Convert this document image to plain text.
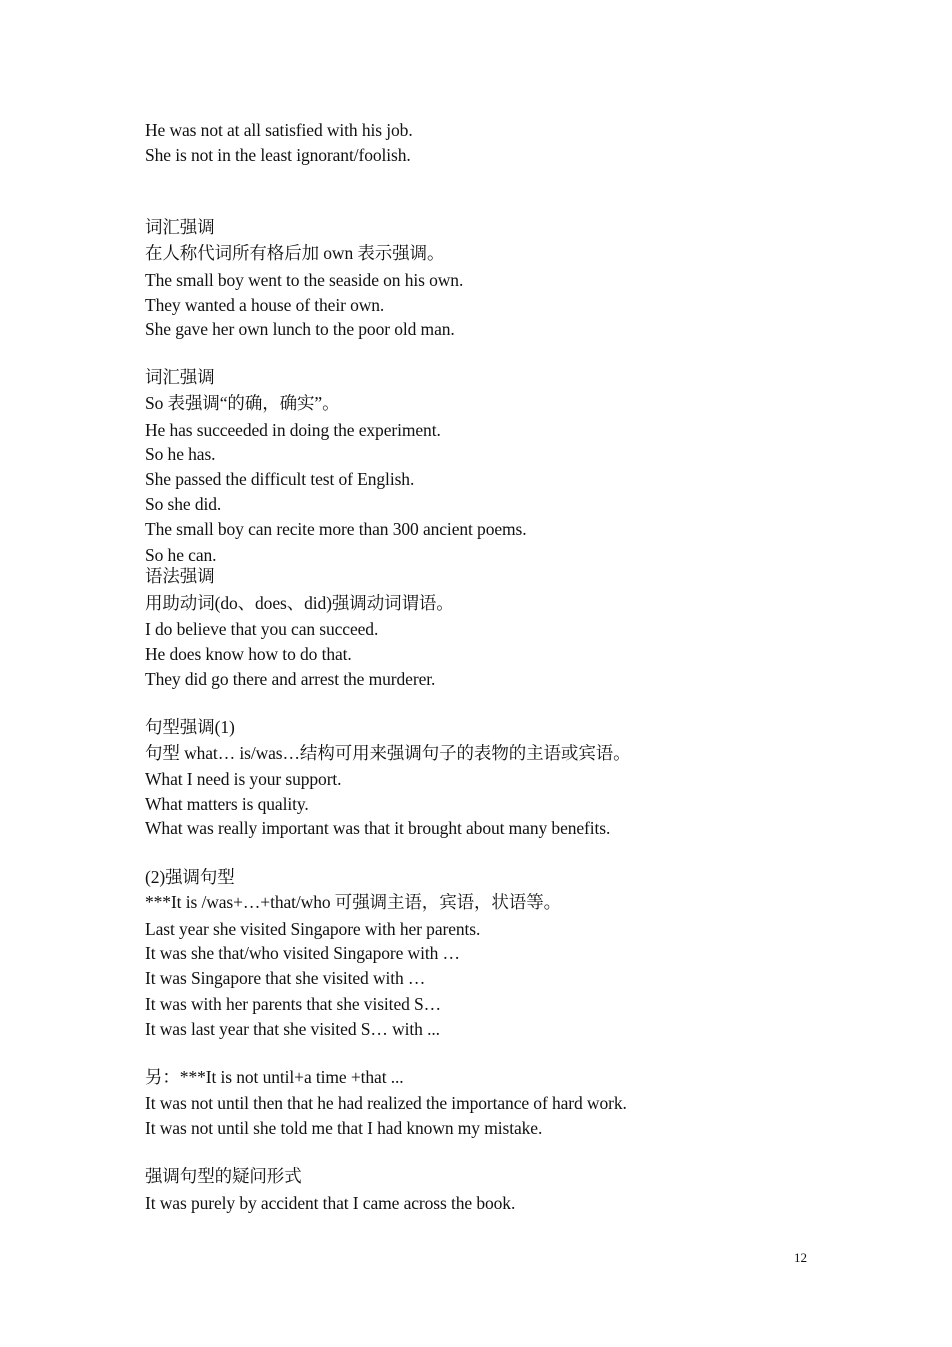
He was not at all satisfied with his job.
She is not in the least ignorant/foolish.
词汇强调
在人称代词所有格后加 own 表示强调。
The small boy went to the seaside on his own.
They wanted a house of their own.
She gave her own lunch to the poor old man.
词汇强调
So 表强调“的确，确实”。
He has succeeded in doing the experiment.
So he has.
She passed the difficult test of English.
So she did.
The small boy can recite more than 300 ancient poems.
So he can.
语法强调
用助动词(do、does、did)强调动词谓语。
I do believe that you can succeed.
He does know how to do that.
They did go there and arrest the murderer.
句型强调(1)
句型 what… is/was…结构可用来强调句子的表物的主语或宾语。
What I need is your support.
What matters is quality.
What was really important was that it brought about many benefits.
(2)强调句型
***It is /was+…+that/who 可强调主语，宾语，状语等。
Last year she visited Singapore with her parents.
It was she that/who visited Singapore with …
It was Singapore that she visited with …
It was with her parents that she visited S…
It was last year that she visited S… with ...
另：***It is not until+a time +that ...
It was not until then that he had realized the importance of hard work.
It was not until she told me that I had known my mistake.
强调句型的疑问形式
It was purely by accident that I came across the book.
12
